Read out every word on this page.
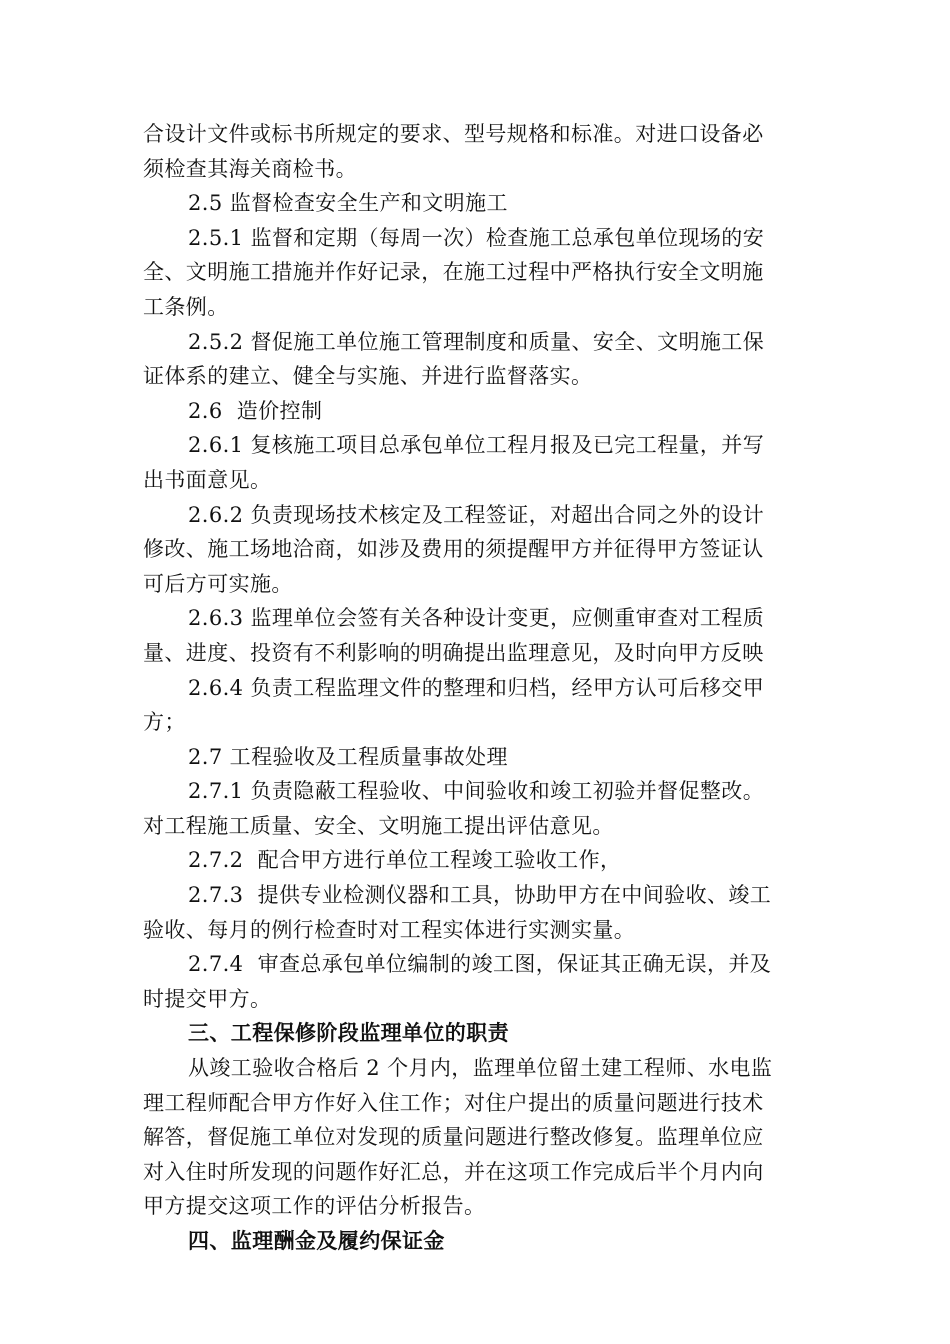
合设计文件或标书所规定的要求、型号规格和标准。对进口设备必
须检查其海关商检书。
2.5 监督检查安全生产和文明施工
2.5.1 监督和定期（每周一次）检查施工总承包单位现场的安
全、文明施工措施并作好记录，在施工过程中严格执行安全文明施
工条例。
2.5.2 督促施工单位施工管理制度和质量、安全、文明施工保
证体系的建立、健全与实施、并进行监督落实。
2.6  造价控制
2.6.1 复核施工项目总承包单位工程月报及已完工程量，并写
出书面意见。
2.6.2 负责现场技术核定及工程签证，对超出合同之外的设计
修改、施工场地洽商，如涉及费用的须提醒甲方并征得甲方签证认
可后方可实施。
2.6.3 监理单位会签有关各种设计变更，应侧重审查对工程质
量、进度、投资有不利影响的明确提出监理意见，及时向甲方反映
2.6.4 负责工程监理文件的整理和归档，经甲方认可后移交甲
方；
2.7 工程验收及工程质量事故处理
2.7.1 负责隐蔽工程验收、中间验收和竣工初验并督促整改。
对工程施工质量、安全、文明施工提出评估意见。
2.7.2  配合甲方进行单位工程竣工验收工作，
2.7.3  提供专业检测仪器和工具，协助甲方在中间验收、竣工
验收、每月的例行检查时对工程实体进行实测实量。
2.7.4  审查总承包单位编制的竣工图，保证其正确无误，并及
时提交甲方。
三、工程保修阶段监理单位的职责
从竣工验收合格后 2 个月内，监理单位留土建工程师、水电监
理工程师配合甲方作好入住工作；对住户提出的质量问题进行技术
解答，督促施工单位对发现的质量问题进行整改修复。监理单位应
对入住时所发现的问题作好汇总，并在这项工作完成后半个月内向
甲方提交这项工作的评估分析报告。
四、监理酬金及履约保证金
